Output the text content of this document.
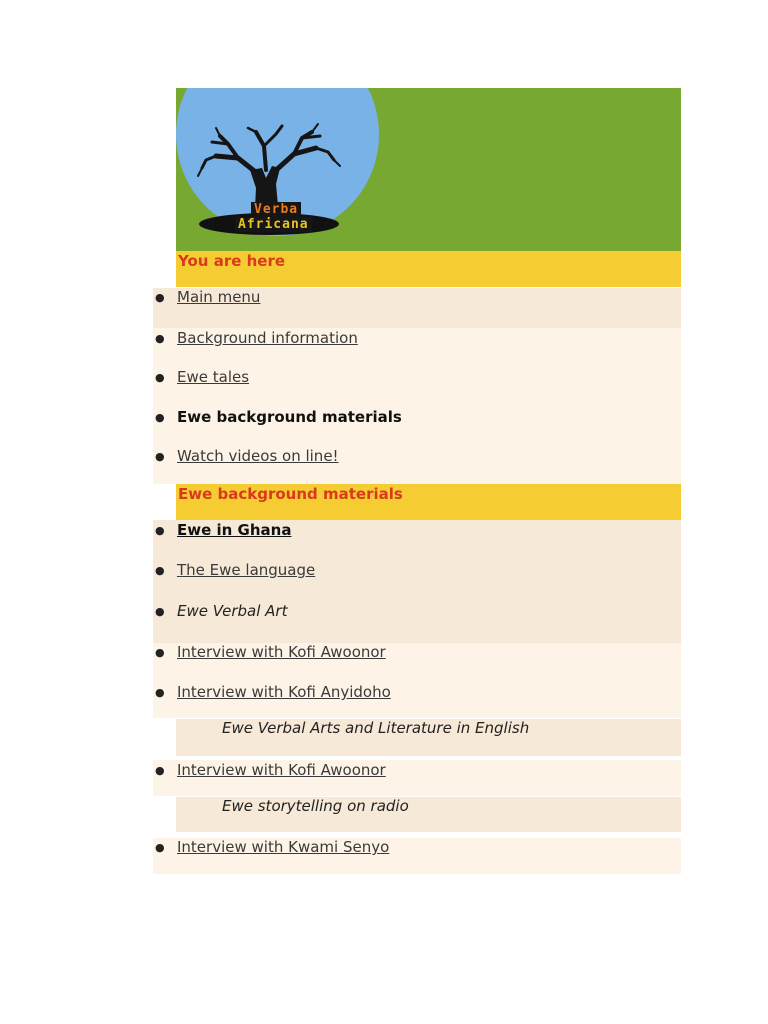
Verba
Africana
You are here
● Main menu
● Background information
● Ewe tales
● Ewe background materials
● Watch videos on line!
Ewe background materials
● Ewe in Ghana
● The Ewe language
● Ewe Verbal Art
● Interview with Kofi Awoonor
● Interview with Kofi Anyidoho
Ewe Verbal Arts and Literature in English
● Interview with Kofi Awoonor
Ewe storytelling on radio
● Interview with Kwami Senyo
